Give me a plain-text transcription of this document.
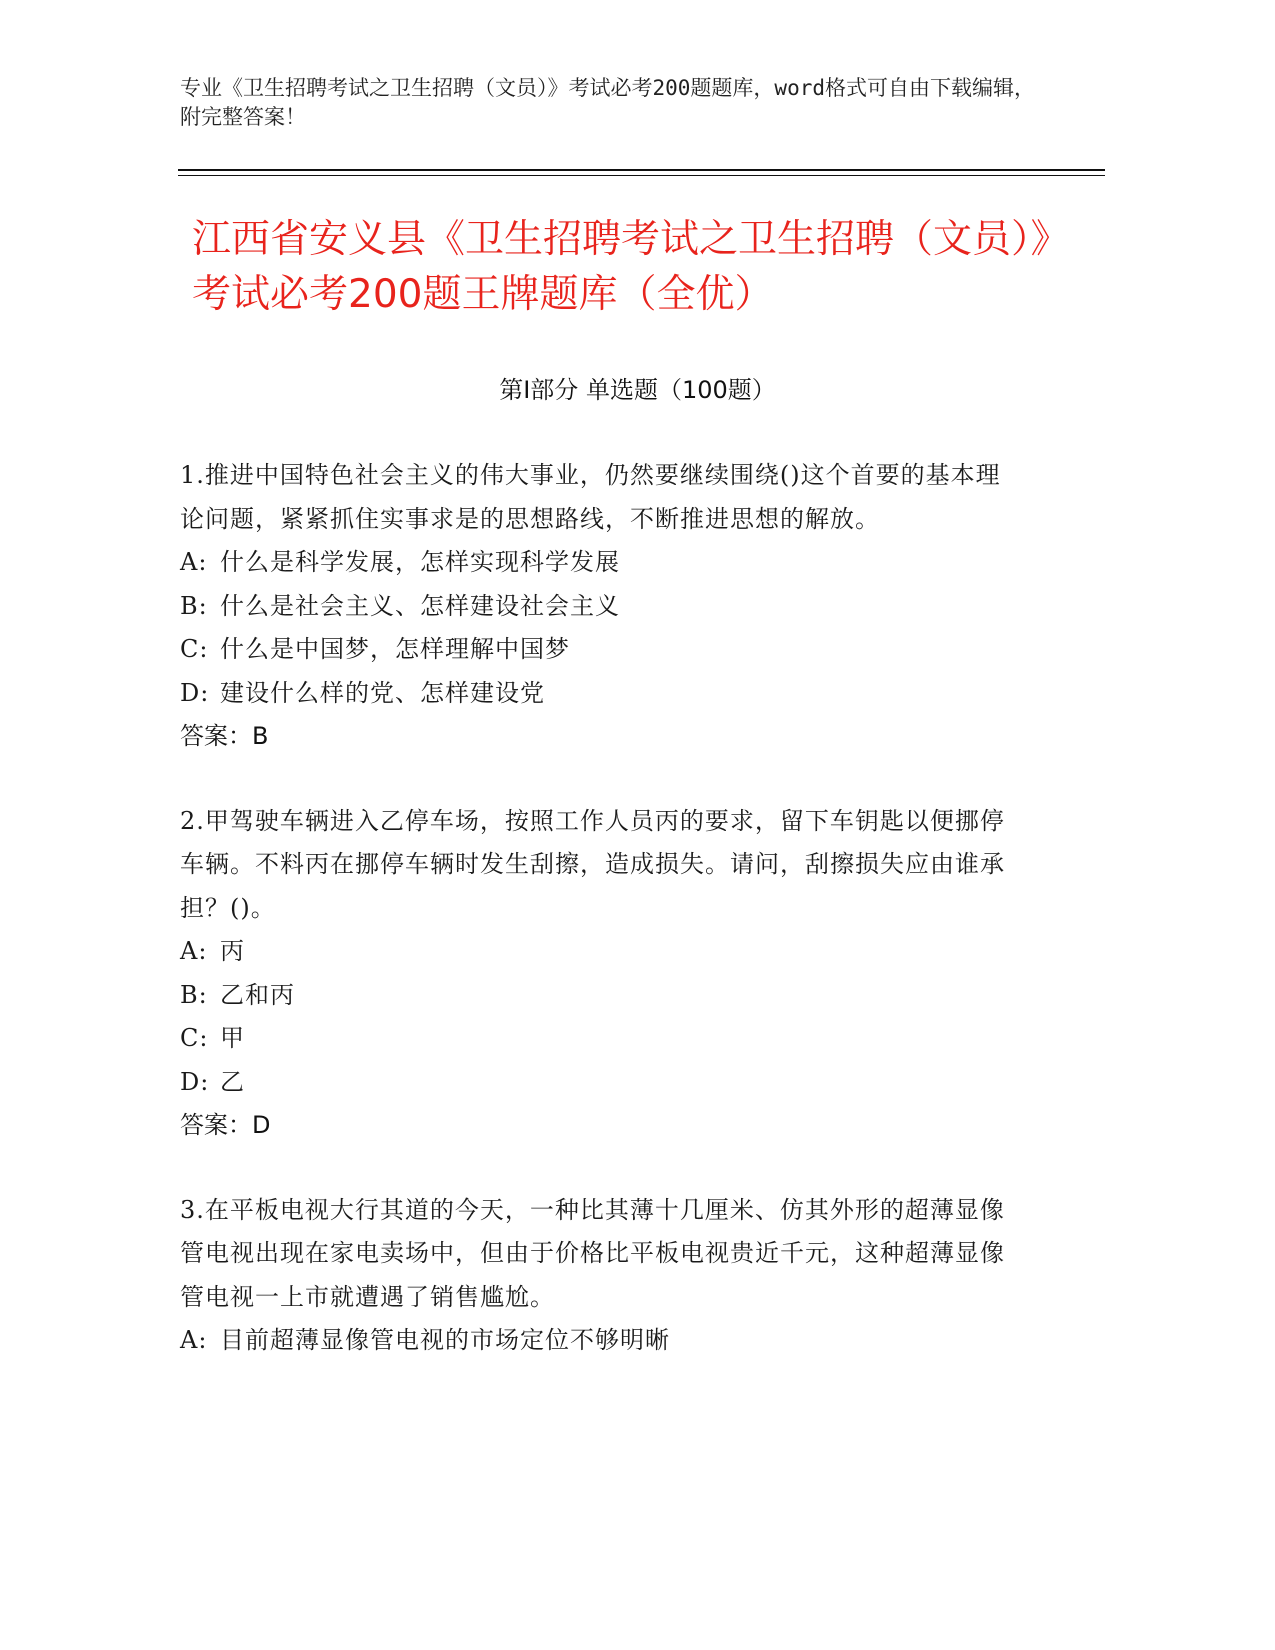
专业《卫生招聘考试之卫生招聘（文员）》考试必考200题题库，word格式可自由下载编辑，附完整答案！
江西省安义县《卫生招聘考试之卫生招聘（文员）》考试必考200题王牌题库（全优）
第Ⅰ部分 单选题（100题）
1.推进中国特色社会主义的伟大事业，仍然要继续围绕()这个首要的基本理论问题，紧紧抓住实事求是的思想路线，不断推进思想的解放。
A: 什么是科学发展，怎样实现科学发展
B: 什么是社会主义、怎样建设社会主义
C: 什么是中国梦，怎样理解中国梦
D: 建设什么样的党、怎样建设党
答案：B
2.甲驾驶车辆进入乙停车场，按照工作人员丙的要求，留下车钥匙以便挪停车辆。不料丙在挪停车辆时发生刮擦，造成损失。请问，刮擦损失应由谁承担？()。
A: 丙
B: 乙和丙
C: 甲
D: 乙
答案：D
3.在平板电视大行其道的今天，一种比其薄十几厘米、仿其外形的超薄显像管电视出现在家电卖场中，但由于价格比平板电视贵近千元，这种超薄显像管电视一上市就遭遇了销售尴尬。
A: 目前超薄显像管电视的市场定位不够明晰
